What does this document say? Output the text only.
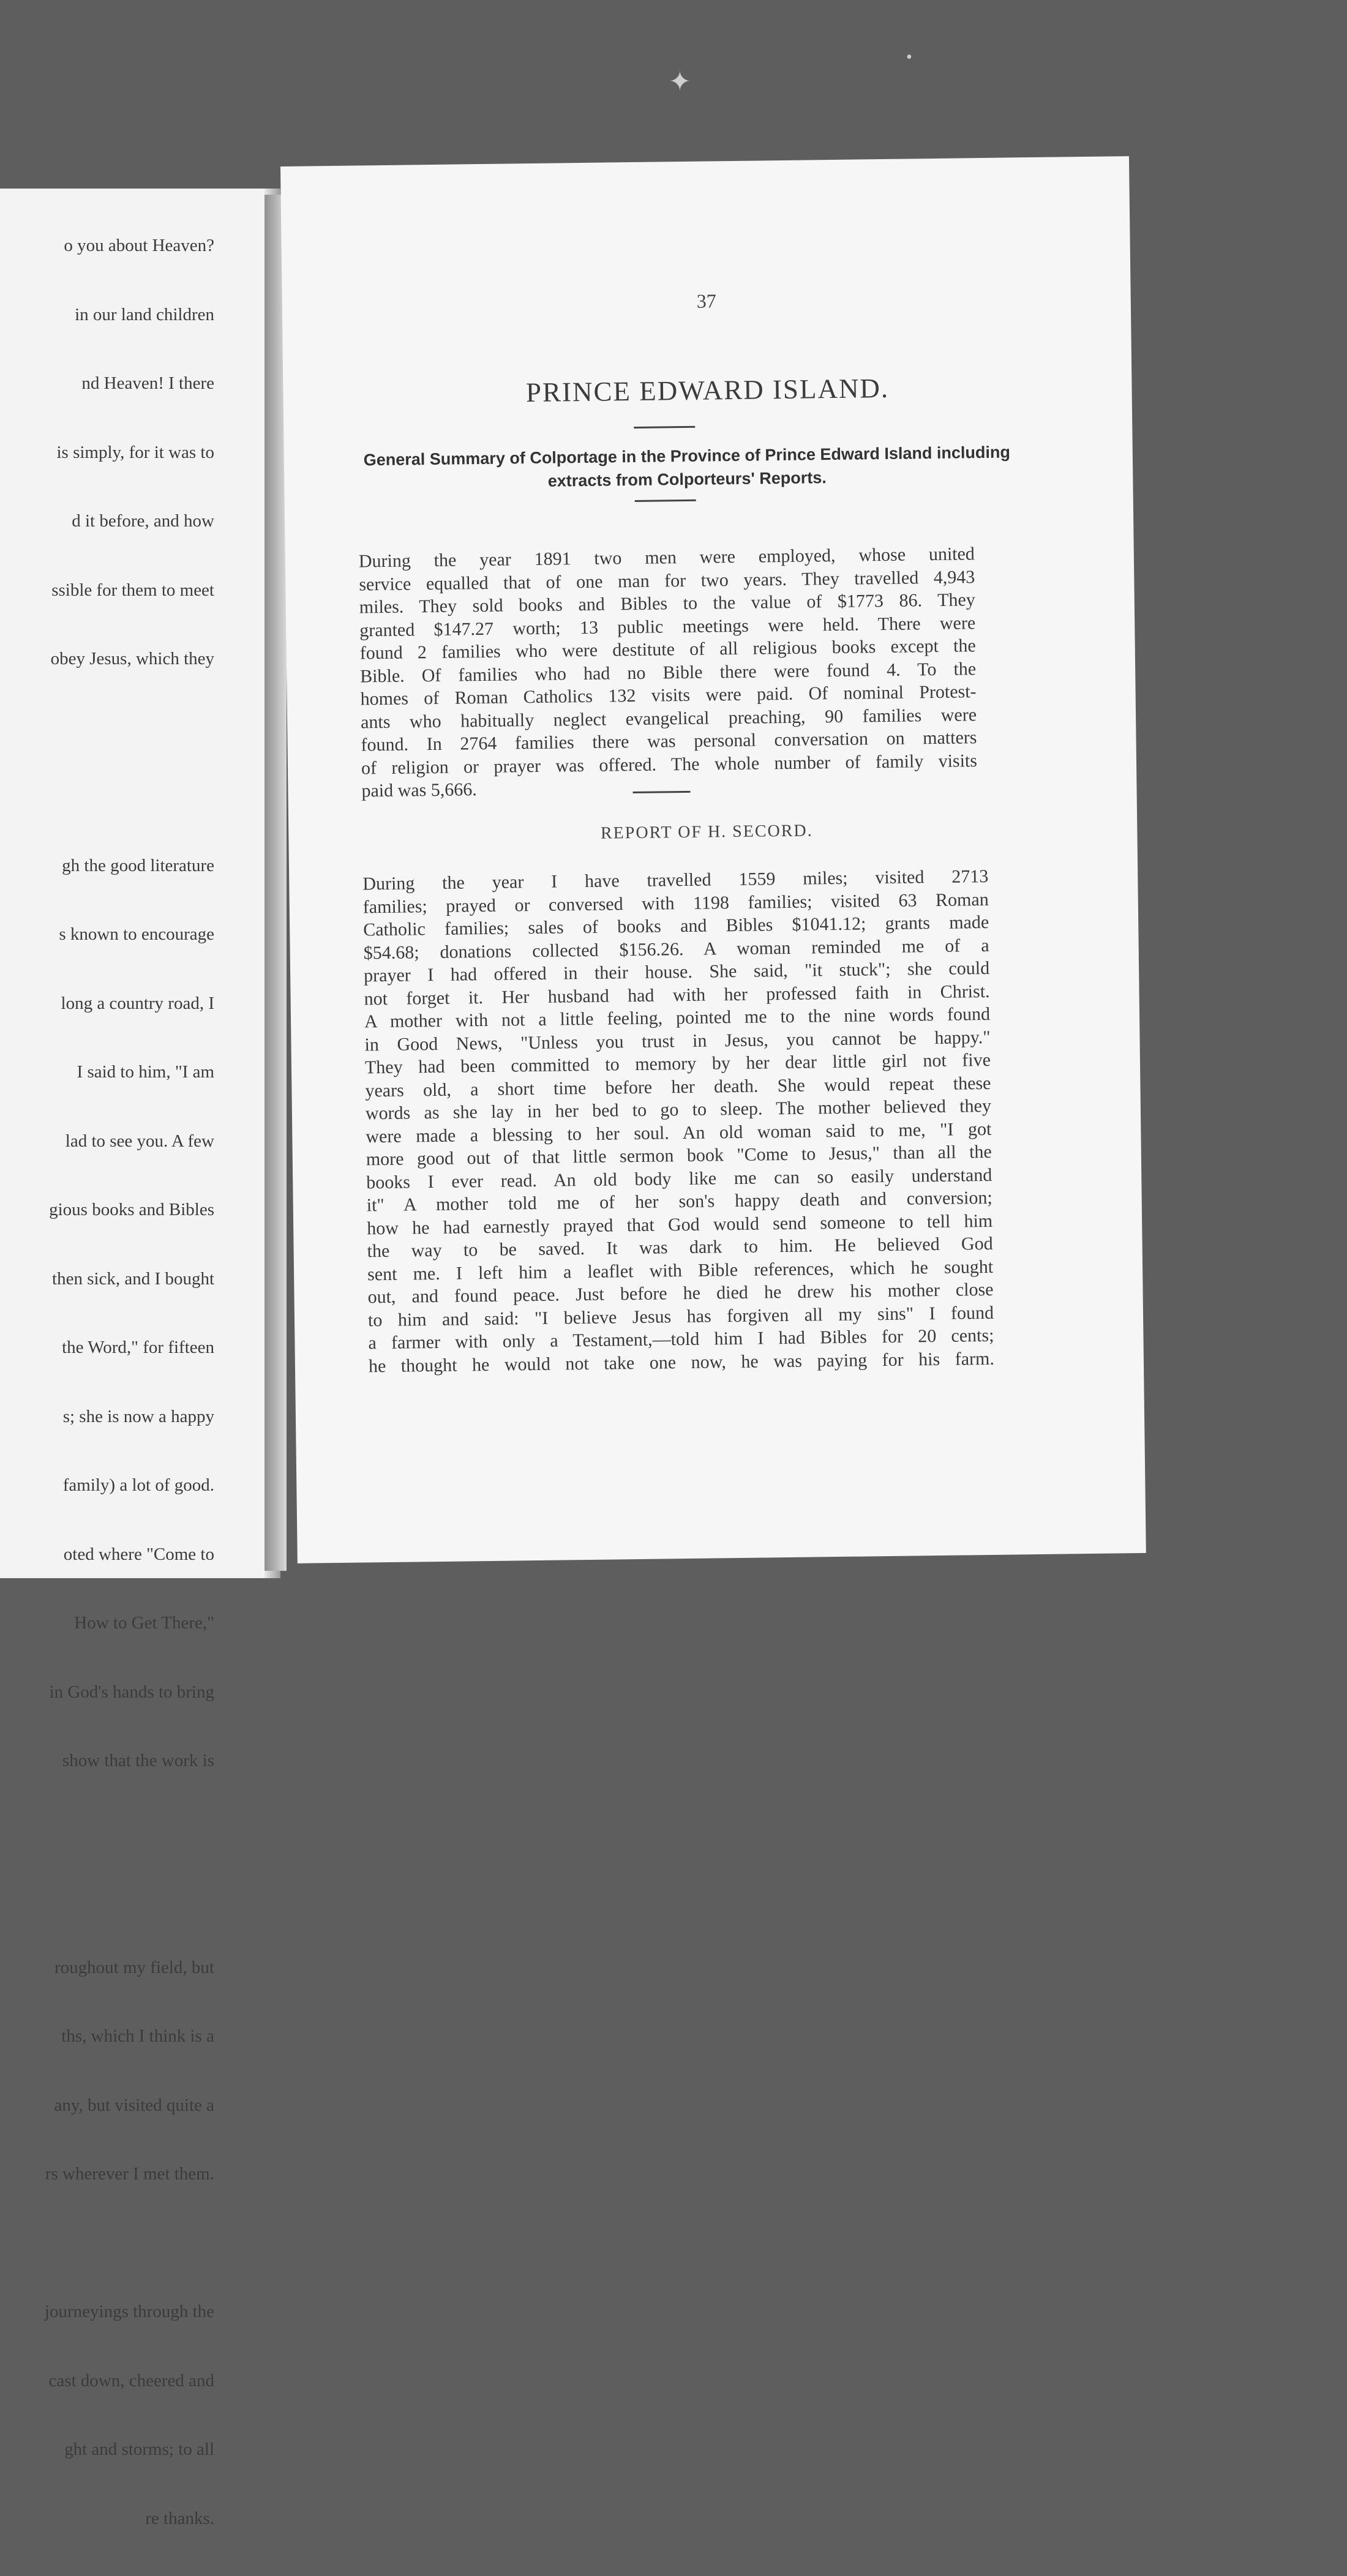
o you about Heaven?

in our land children

nd Heaven! I there

is simply, for it was to

d it before, and how

ssible for them to meet

obey Jesus, which they

gh the good literature

s known to encourage

long a country road, I

I said to him, "I am

lad to see you. A few

gious books and Bibles

then sick, and I bought

the Word," for fifteen

s; she is now a happy

family) a lot of good.

oted where "Come to

How to Get There,"

in God's hands to bring

show that the work is

roughout my field, but

ths, which I think is a

any, but visited quite a

rs wherever I met them.

journeyings through the

cast down, cheered and

ght and storms; to all

re thanks.

✦
•
37
PRINCE EDWARD ISLAND.
General Summary of Colportage in the Province of Prince Edward Island including extracts from Colporteurs' Reports.
During the year 1891 two men were employed, whose united
service equalled that of one man for two years. They travelled 4,943
miles. They sold books and Bibles to the value of $1773 86. They
granted $147.27 worth; 13 public meetings were held. There were
found 2 families who were destitute of all religious books except the
Bible. Of families who had no Bible there were found 4. To the
homes of Roman Catholics 132 visits were paid. Of nominal Protest-
ants who habitually neglect evangelical preaching, 90 families were
found. In 2764 families there was personal conversation on matters
of religion or prayer was offered. The whole number of family visits
paid was 5,666.
REPORT OF H. SECORD.
During the year I have travelled 1559 miles; visited 2713
families; prayed or conversed with 1198 families; visited 63 Roman
Catholic families; sales of books and Bibles $1041.12; grants made
$54.68; donations collected $156.26. A woman reminded me of a
prayer I had offered in their house. She said, "it stuck"; she could
not forget it. Her husband had with her professed faith in Christ.
A mother with not a little feeling, pointed me to the nine words found
in Good News, "Unless you trust in Jesus, you cannot be happy."
They had been committed to memory by her dear little girl not five
years old, a short time before her death. She would repeat these
words as she lay in her bed to go to sleep. The mother believed they
were made a blessing to her soul. An old woman said to me, "I got
more good out of that little sermon book "Come to Jesus," than all the
books I ever read. An old body like me can so easily understand
it" A mother told me of her son's happy death and conversion;
how he had earnestly prayed that God would send someone to tell him
the way to be saved. It was dark to him. He believed God
sent me. I left him a leaflet with Bible references, which he sought
out, and found peace. Just before he died he drew his mother close
to him and said: "I believe Jesus has forgiven all my sins" I found
a farmer with only a Testament,—told him I had Bibles for 20 cents;
he thought he would not take one now, he was paying for his farm.
